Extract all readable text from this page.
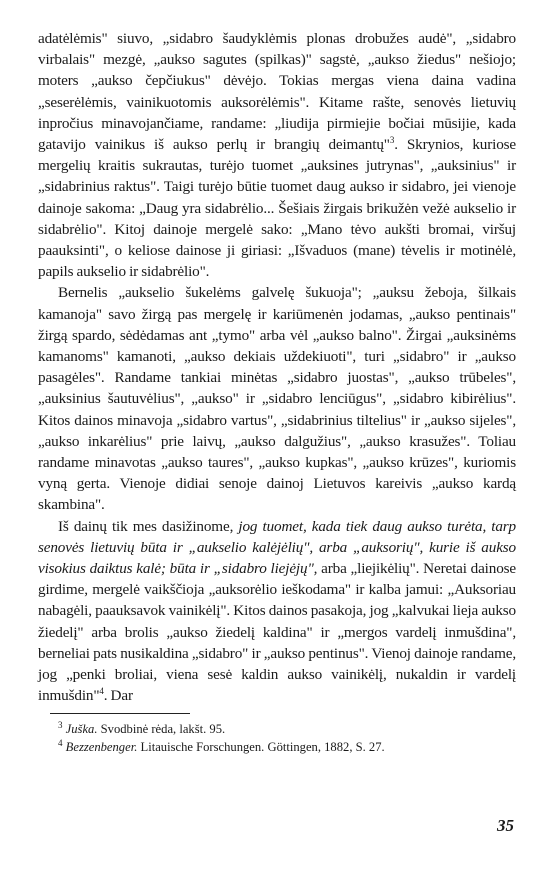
adatėlėmis" siuvo, „sidabro šaudyklėmis plonas drobužes audė", „sidabro virbalais" mezgė, „aukso sagutes (spilkas)" sagstė, „aukso žiedus" nešiojo; moters „aukso čepčiukus" dėvėjo. Tokias mergas viena daina vadina „seserėlėmis, vainikuotomis auksorėlėmis". Kitame rašte, senovės lietuvių inpročius minavojančiame, randame: „liudija pirmiejie bočiai mūsijie, kada gatavijo vainikus iš aukso perlų ir brangių deimantų"$^3$. Skrynios, kuriose mergelių kraitis sukrautas, turėjo tuomet „auksines jutrynas", „auksinius" ir „sidabrinius raktus". Taigi turėjo būtie tuomet daug aukso ir sidabro, jei vienoje dainoje sakoma: „Daug yra sidabrėlio... Šešiais žirgais brikužėn vežė aukselio ir sidabrėlio". Kitoj dainoje mergelė sako: „Mano tėvo aukšti bromai, viršuj paauksinti", o keliose dainose ji giriasi: „Išvaduos (mane) tėvelis ir motinėlė, papils aukselio ir sidabrėlio".

Bernelis „aukselio šukelėms galvelę šukuoja"; „auksu žeboja, šilkais kamanoja" savo žirgą pas mergelę ir kariūmenėn jodamas, „aukso pentinais" žirgą spardo, sėdėdamas ant „tymo" arba vėl „aukso balno". Žirgai „auksinėms kamanoms" kamanoti, „aukso dekiais uždekiuoti", turi „sidabro" ir „aukso pasagėles". Randame tankiai minėtas „sidabro juostas", „aukso trūbeles", „auksinius šautuvėlius", „aukso" ir „sidabro lenciūgus", „sidabro kibirėlius". Kitos dainos minavoja „sidabro vartus", „sidabrinius tiltelius" ir „aukso sijeles", „aukso inkarėlius" prie laivų, „aukso dalgužius", „aukso krasužes". Toliau randame minavotas „aukso taures", „aukso kupkas", „aukso krūzes", kuriomis vyną gerta. Vienoje didiai senoje dainoj Lietuvos kareivis „aukso kardą skambina".

Iš dainų tik mes dasižinome, jog tuomet, kada tiek daug aukso turėta, tarp senovės lietuvių būta ir „aukselio kalėjėlių", arba „auksorių", kurie iš aukso visokius daiktus kalė; būta ir „sidabro liejėjų", arba „liejikėlių". Neretai dainose girdime, mergelė vaikščioja „auksorėlio ieškodama" ir kalba jamui: „Auksoriau nabagėli, paauksavok vainikėlį". Kitos dainos pasakoja, jog „kalvukai lieja aukso žiedelį" arba brolis „aukso žiedelį kaldina" ir „mergos vardelį inmušdina", berneliai pats nusikaldina „sidabro" ir „aukso pentinus". Vienoj dainoje randame, jog „penki broliai, viena sesė kaldin aukso vainikėlį, nukaldin ir vardelį inmušdin"$^4$. Dar

$^3$ Juška. Svodbinė rėda, lakšt. 95.

$^4$ Bezzenbenger. Litauische Forschungen. Göttingen, 1882, S. 27.

35
